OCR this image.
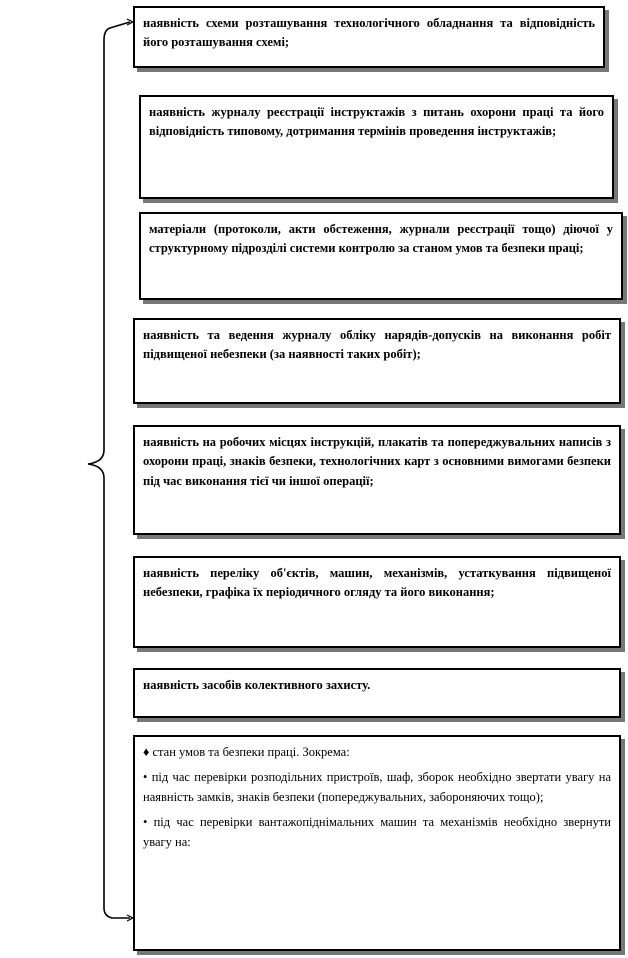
наявність схеми розташування технологічного обладнання та відповідність його розташування схемі;
наявність журналу реєстрації інструктажів з питань охорони праці та його відповідність типовому, дотримання термінів проведення інструктажів;
матеріали (протоколи, акти обстеження, журнали реєстрації тощо) діючої у структурному підрозділі системи контролю за станом умов та безпеки праці;
наявність та ведення журналу обліку нарядів-допусків на виконання робіт підвищеної небезпеки (за наявності таких робіт);
наявність на робочих місцях інструкцій, плакатів та попереджувальних написів з охорони праці, знаків безпеки, технологічних карт з основними вимогами безпеки під час виконання тієї чи іншої операції;
наявність переліку об'єктів, машин, механізмів, устаткування підвищеної небезпеки, графіка їх періодичного огляду та його виконання;
наявність засобів колективного захисту.

♦ стан умов та безпеки праці. Зокрема:

• під час перевірки розподільних пристроїв, шаф, зборок необхідно звертати увагу на наявність замків, знаків безпеки (попереджувальних, забороняючих тощо);

• під час перевірки вантажопіднімальних машин та механізмів необхідно звернути увагу на:
